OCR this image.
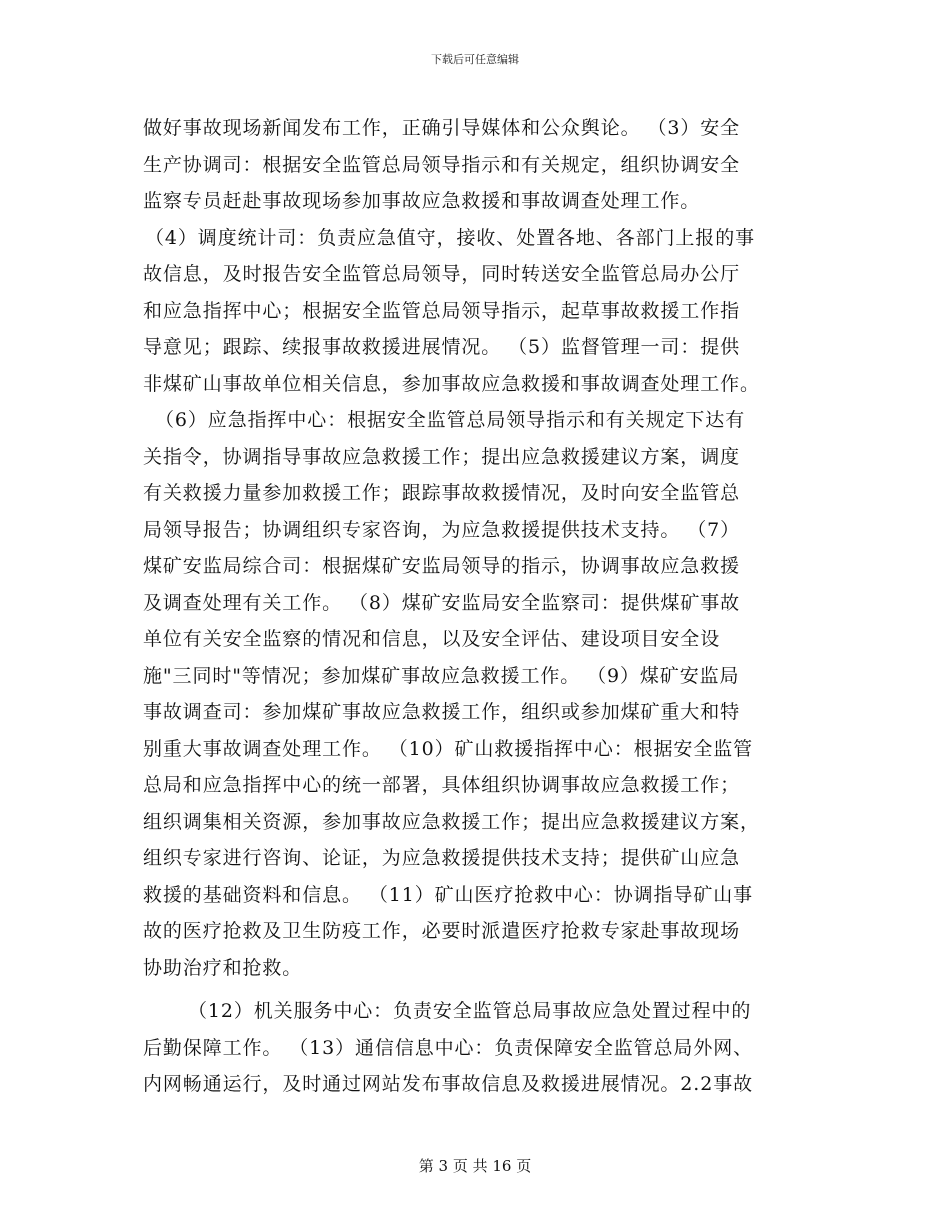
下载后可任意编辑
做好事故现场新闻发布工作，正确引导媒体和公众舆论。 （3）安全
生产协调司：根据安全监管总局领导指示和有关规定，组织协调安全
监察专员赶赴事故现场参加事故应急救援和事故调查处理工作。
（4）调度统计司：负责应急值守，接收、处置各地、各部门上报的事
故信息，及时报告安全监管总局领导，同时转送安全监管总局办公厅
和应急指挥中心；根据安全监管总局领导指示，起草事故救援工作指
导意见；跟踪、续报事故救援进展情况。 （5）监督管理一司：提供
非煤矿山事故单位相关信息，参加事故应急救援和事故调查处理工作。
（6）应急指挥中心：根据安全监管总局领导指示和有关规定下达有
关指令，协调指导事故应急救援工作；提出应急救援建议方案，调度
有关救援力量参加救援工作；跟踪事故救援情况，及时向安全监管总
局领导报告；协调组织专家咨询，为应急救援提供技术支持。 （7）
煤矿安监局综合司：根据煤矿安监局领导的指示，协调事故应急救援
及调查处理有关工作。 （8）煤矿安监局安全监察司：提供煤矿事故
单位有关安全监察的情况和信息，以及安全评估、建设项目安全设
施"三同时"等情况；参加煤矿事故应急救援工作。 （9）煤矿安监局
事故调查司：参加煤矿事故应急救援工作，组织或参加煤矿重大和特
别重大事故调查处理工作。 （10）矿山救援指挥中心：根据安全监管
总局和应急指挥中心的统一部署，具体组织协调事故应急救援工作；
组织调集相关资源，参加事故应急救援工作；提出应急救援建议方案，
组织专家进行咨询、论证，为应急救援提供技术支持；提供矿山应急
救援的基础资料和信息。 （11）矿山医疗抢救中心：协调指导矿山事
故的医疗抢救及卫生防疫工作，必要时派遣医疗抢救专家赴事故现场
协助治疗和抢救。
（12）机关服务中心：负责安全监管总局事故应急处置过程中的
后勤保障工作。 （13）通信信息中心：负责保障安全监管总局外网、
内网畅通运行，及时通过网站发布事故信息及救援进展情况。2.2事故
第 3 页 共 16 页
